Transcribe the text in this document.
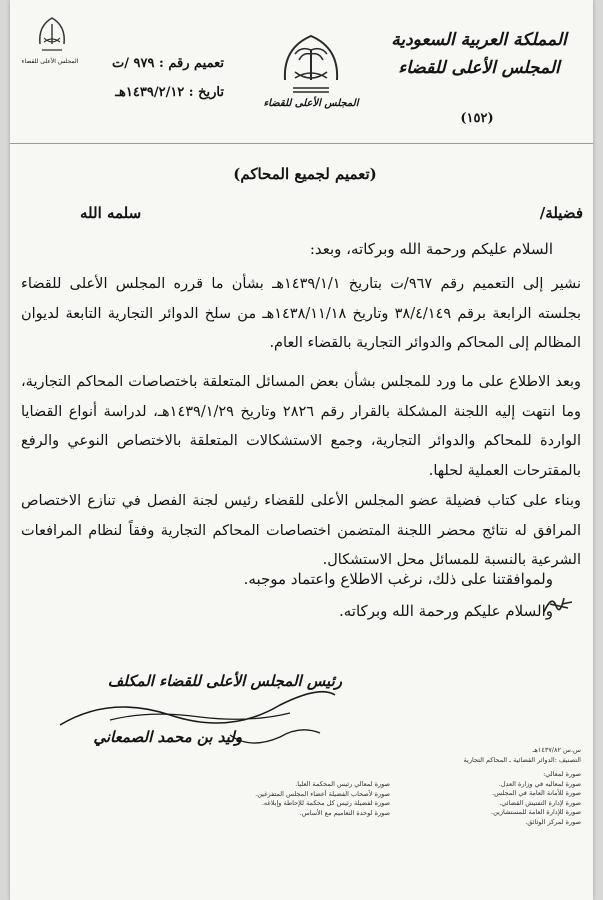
المملكة العربية السعودية
المجلس الأعلى للقضاء
(١٥٢)
المجلس الأعلى للقضاء
المجلس الأعلى للقضاء	تعميم رقم : ٩٧٩ /ت
تاريخ : ١٤٣٩/٢/١٢هـ
(تعميم لجميع المحاكم)
فضيلة/
سلمه الله
السلام عليكم ورحمة الله وبركاته، وبعد:
نشير إلى التعميم رقم ٩٦٧/ت بتاريخ ١٤٣٩/١/١هـ بشأن ما قرره المجلس الأعلى للقضاء بجلسته الرابعة برقم ٣٨/٤/١٤٩ وتاريخ ١٤٣٨/١١/١٨هـ من سلخ الدوائر التجارية التابعة لديوان المظالم إلى المحاكم والدوائر التجارية بالقضاء العام.
وبعد الاطلاع على ما ورد للمجلس بشأن بعض المسائل المتعلقة باختصاصات المحاكم التجارية، وما انتهت إليه اللجنة المشكلة بالقرار رقم ٢٨٢٦ وتاريخ ١٤٣٩/١/٢٩هـ، لدراسة أنواع القضايا الواردة للمحاكم والدوائر التجارية، وجمع الاستشكالات المتعلقة بالاختصاص النوعي والرفع بالمقترحات العملية لحلها.
وبناء على كتاب فضيلة عضو المجلس الأعلى للقضاء رئيس لجنة الفصل في تنازع الاختصاص المرافق له نتائج محضر اللجنة المتضمن اختصاصات المحاكم التجارية وفقاً لنظام المرافعات الشرعية بالنسبة للمسائل محل الاستشكال.
ولموافقتنا على ذلك، نرغب الاطلاع واعتماد موجبه.
والسلام عليكم ورحمة الله وبركاته.
رئيس المجلس الأعلى للقضاء المكلف
وليد بن محمد الصمعاني
س.س ١٤٣٧/٨٢هـ
التصنيف :الدوائر القضائية ـ المحاكم التجارية
صورة لمعالي:
صورة لمعاليه في وزارة العدل.
صورة للأمانة العامة في المجلس.
صورة لإدارة التفتيش القضائي.
صورة للإدارة العامة للمستشارين.
صورة لمركز الوثائق.
صورة لمعالي رئيس المحكمة العليا.
صورة لأصحاب الفضيلة أعضاء المجلس المتفرغين.
صورة لفضيلة رئيس كل محكمة للإحاطة وإبلاغه.
صورة لوحدة التعاميم مع الأساس.
